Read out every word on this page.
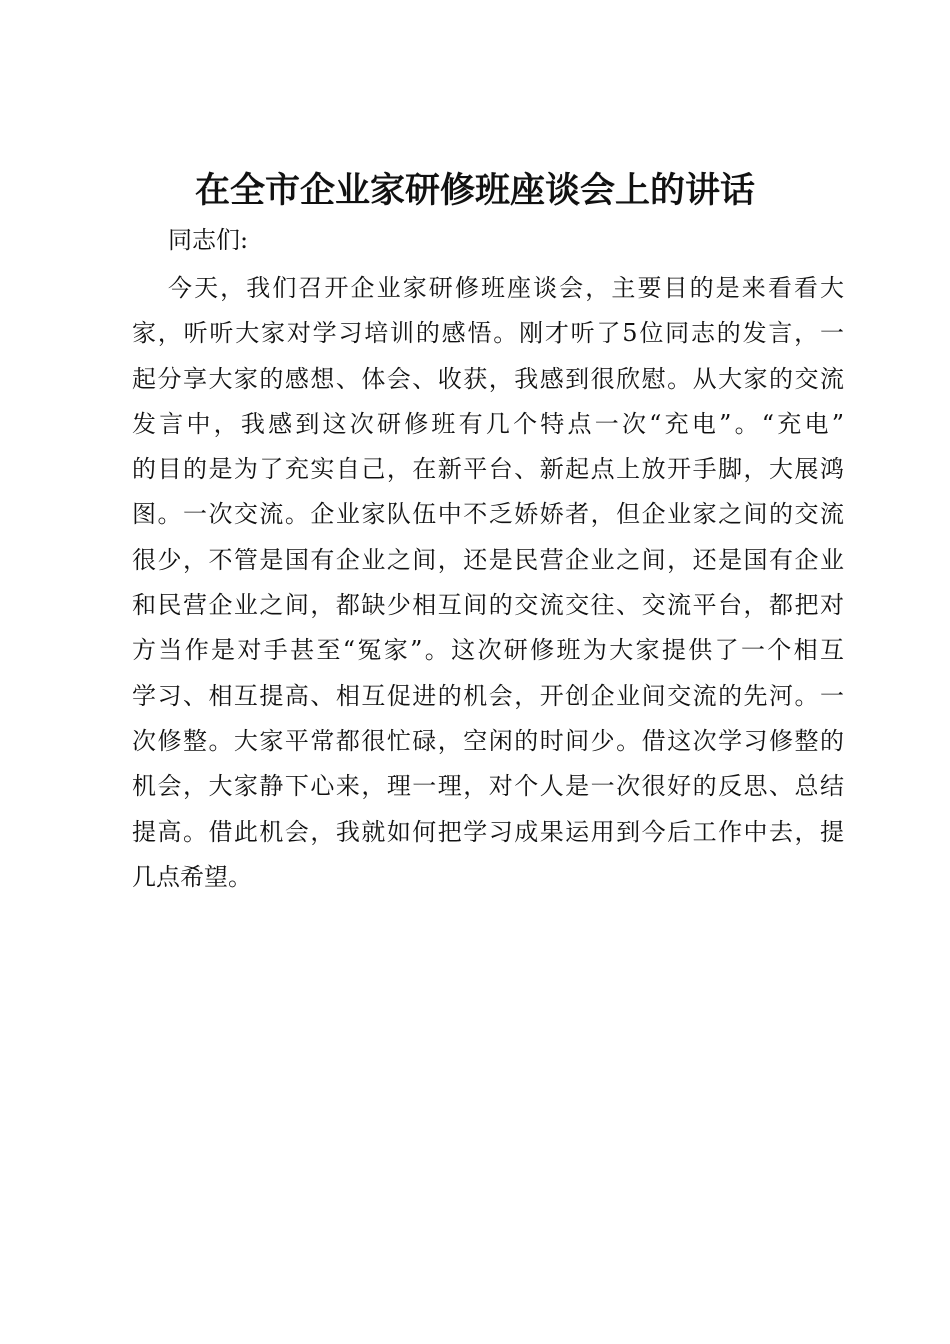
在全市企业家研修班座谈会上的讲话
同志们:
今天，我们召开企业家研修班座谈会，主要目的是来看看大
家，听听大家对学习培训的感悟。刚才听了5位同志的发言，一
起分享大家的感想、体会、收获，我感到很欣慰。从大家的交流
发言中，我感到这次研修班有几个特点一次“充电”。“充电”
的目的是为了充实自己，在新平台、新起点上放开手脚，大展鸿
图。一次交流。企业家队伍中不乏娇娇者，但企业家之间的交流
很少，不管是国有企业之间，还是民营企业之间，还是国有企业
和民营企业之间，都缺少相互间的交流交往、交流平台，都把对
方当作是对手甚至“冤家”。这次研修班为大家提供了一个相互
学习、相互提高、相互促进的机会，开创企业间交流的先河。一
次修整。大家平常都很忙碌，空闲的时间少。借这次学习修整的
机会，大家静下心来，理一理，对个人是一次很好的反思、总结
提高。借此机会，我就如何把学习成果运用到今后工作中去，提
几点希望。
